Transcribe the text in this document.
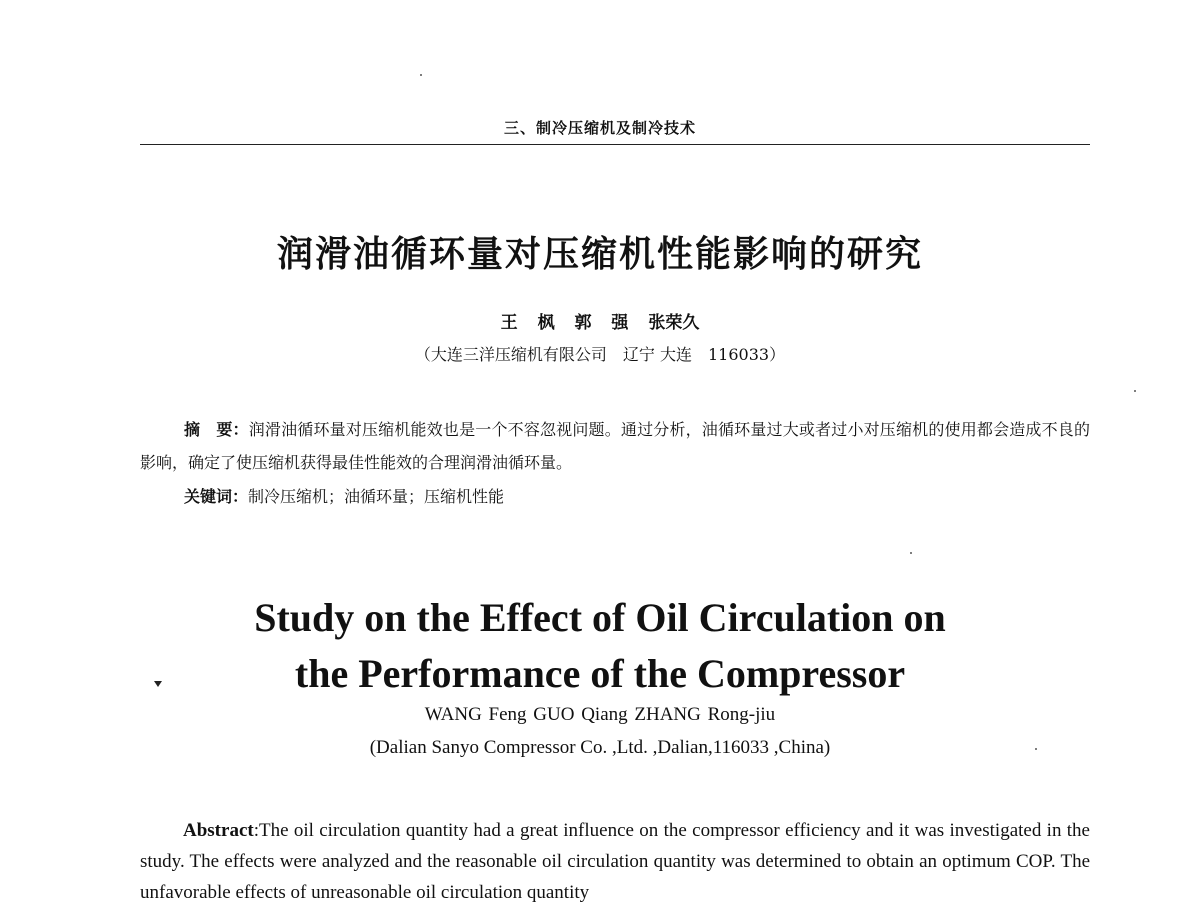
三、制冷压缩机及制冷技术
润滑油循环量对压缩机性能影响的研究
王 枫 郭 强 张荣久
（大连三洋压缩机有限公司　辽宁 大连　116033）

摘　要：润滑油循环量对压缩机能效也是一个不容忽视问题。通过分析，油循环量过大或者过小对压缩机的使用都会造成不良的影响，确定了使压缩机获得最佳性能效的合理润滑油循环量。

关键词：制冷压缩机；油循环量；压缩机性能
Study on the Effect of Oil Circulation on
the Performance of the Compressor
WANG Feng GUO Qiang ZHANG Rong-jiu
(Dalian Sanyo Compressor Co. ,Ltd. ,Dalian,116033 ,China)

Abstract:The oil circulation quantity had a great influence on the compressor efficiency and it was investigated in the study. The effects were analyzed and the reasonable oil circulation quantity was determined to obtain an optimum COP. The unfavorable effects of unreasonable oil circulation quantity
